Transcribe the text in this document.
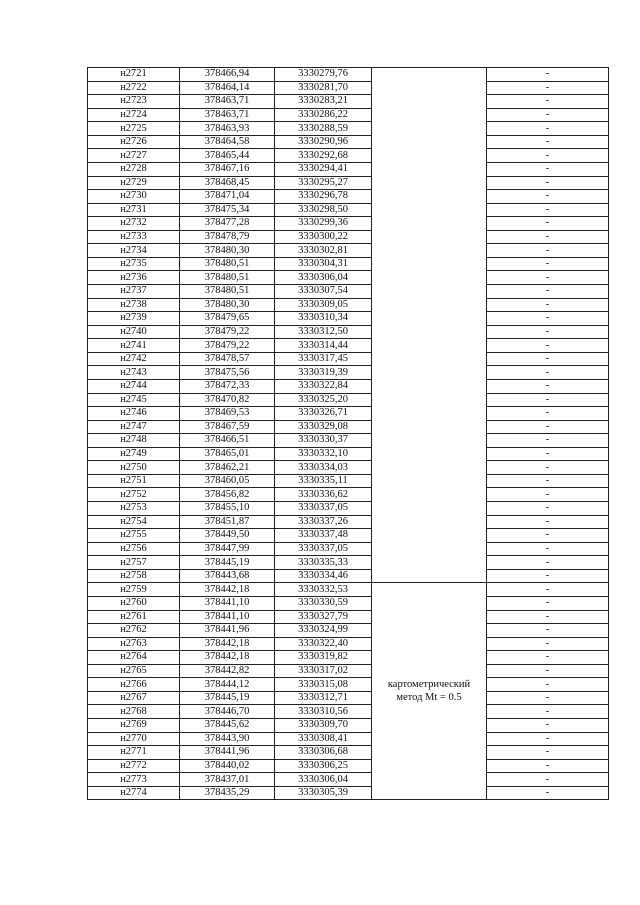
н2721	378466,94	3330279,76		-
н2722	378464,14	3330281,70		-
н2723	378463,71	3330283,21		-
н2724	378463,71	3330286,22		-
н2725	378463,93	3330288,59		-
н2726	378464,58	3330290,96		-
н2727	378465,44	3330292,68		-
н2728	378467,16	3330294,41		-
н2729	378468,45	3330295,27		-
н2730	378471,04	3330296,78		-
н2731	378475,34	3330298,50		-
н2732	378477,28	3330299,36		-
н2733	378478,79	3330300,22		-
н2734	378480,30	3330302,81		-
н2735	378480,51	3330304,31		-
н2736	378480,51	3330306,04		-
н2737	378480,51	3330307,54		-
н2738	378480,30	3330309,05		-
н2739	378479,65	3330310,34		-
н2740	378479,22	3330312,50		-
н2741	378479,22	3330314,44		-
н2742	378478,57	3330317,45		-
н2743	378475,56	3330319,39		-
н2744	378472,33	3330322,84		-
н2745	378470,82	3330325,20		-
н2746	378469,53	3330326,71		-
н2747	378467,59	3330329,08		-
н2748	378466,51	3330330,37		-
н2749	378465,01	3330332,10		-
н2750	378462,21	3330334,03		-
н2751	378460,05	3330335,11		-
н2752	378456,82	3330336,62		-
н2753	378455,10	3330337,05		-
н2754	378451,87	3330337,26		-
н2755	378449,50	3330337,48		-
н2756	378447,99	3330337,05		-
н2757	378445,19	3330335,33		-
н2758	378443,68	3330334,46		-
н2759	378442,18	3330332,53	картометрический
метод Mt = 0.5	-
н2760	378441,10	3330330,59		-
н2761	378441,10	3330327,79		-
н2762	378441,96	3330324,99		-
н2763	378442,18	3330322,40		-
н2764	378442,18	3330319,82		-
н2765	378442,82	3330317,02		-
н2766	378444,12	3330315,08		-
н2767	378445,19	3330312,71		-
н2768	378446,70	3330310,56		-
н2769	378445,62	3330309,70		-
н2770	378443,90	3330308,41		-
н2771	378441,96	3330306,68		-
н2772	378440,02	3330306,25		-
н2773	378437,01	3330306,04		-
н2774	378435,29	3330305,39		-
